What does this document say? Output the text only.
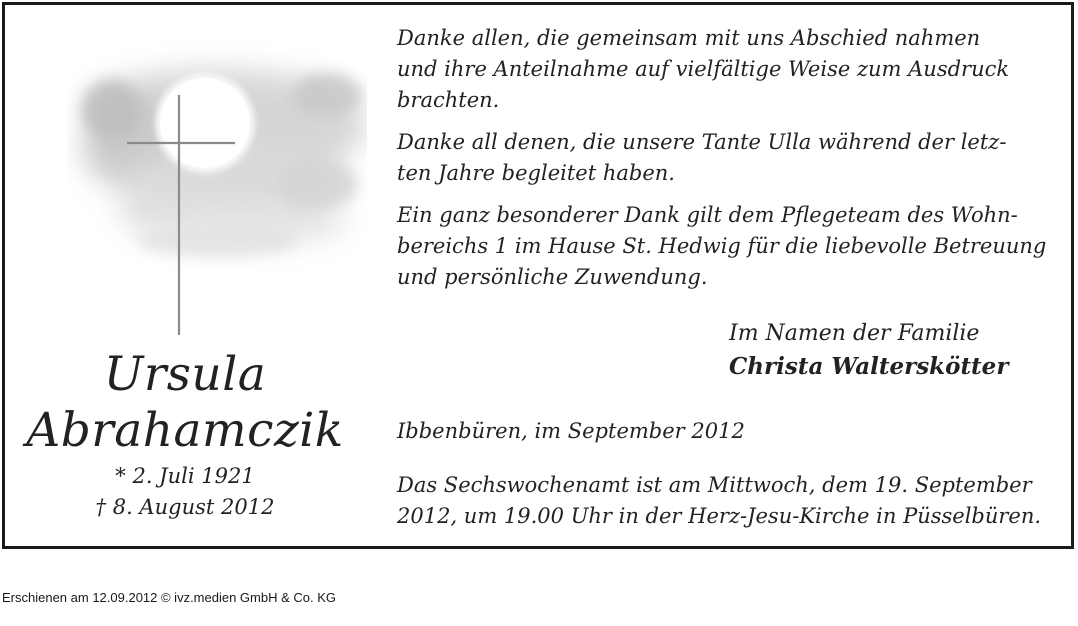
Ursula
Abrahamczik
* 2. Juli 1921
† 8. August 2012

Danke allen, die gemeinsam mit uns Abschied nahmen
und ihre Anteilnahme auf vielfältige Weise zum Ausdruck
brachten.

Danke all denen, die unsere Tante Ulla während der letz-
ten Jahre begleitet haben.

Ein ganz besonderer Dank gilt dem Pflegeteam des Wohn-
bereichs 1 im Hause St. Hedwig für die liebevolle Betreuung
und persönliche Zuwendung.

Im Namen der Familie
Christa Walterskötter
Ibbenbüren, im September 2012
Das Sechswochenamt ist am Mittwoch, dem 19. September
2012, um 19.00 Uhr in der Herz-Jesu-Kirche in Püsselbüren.
Erschienen am 12.09.2012 © ivz.medien GmbH & Co. KG
